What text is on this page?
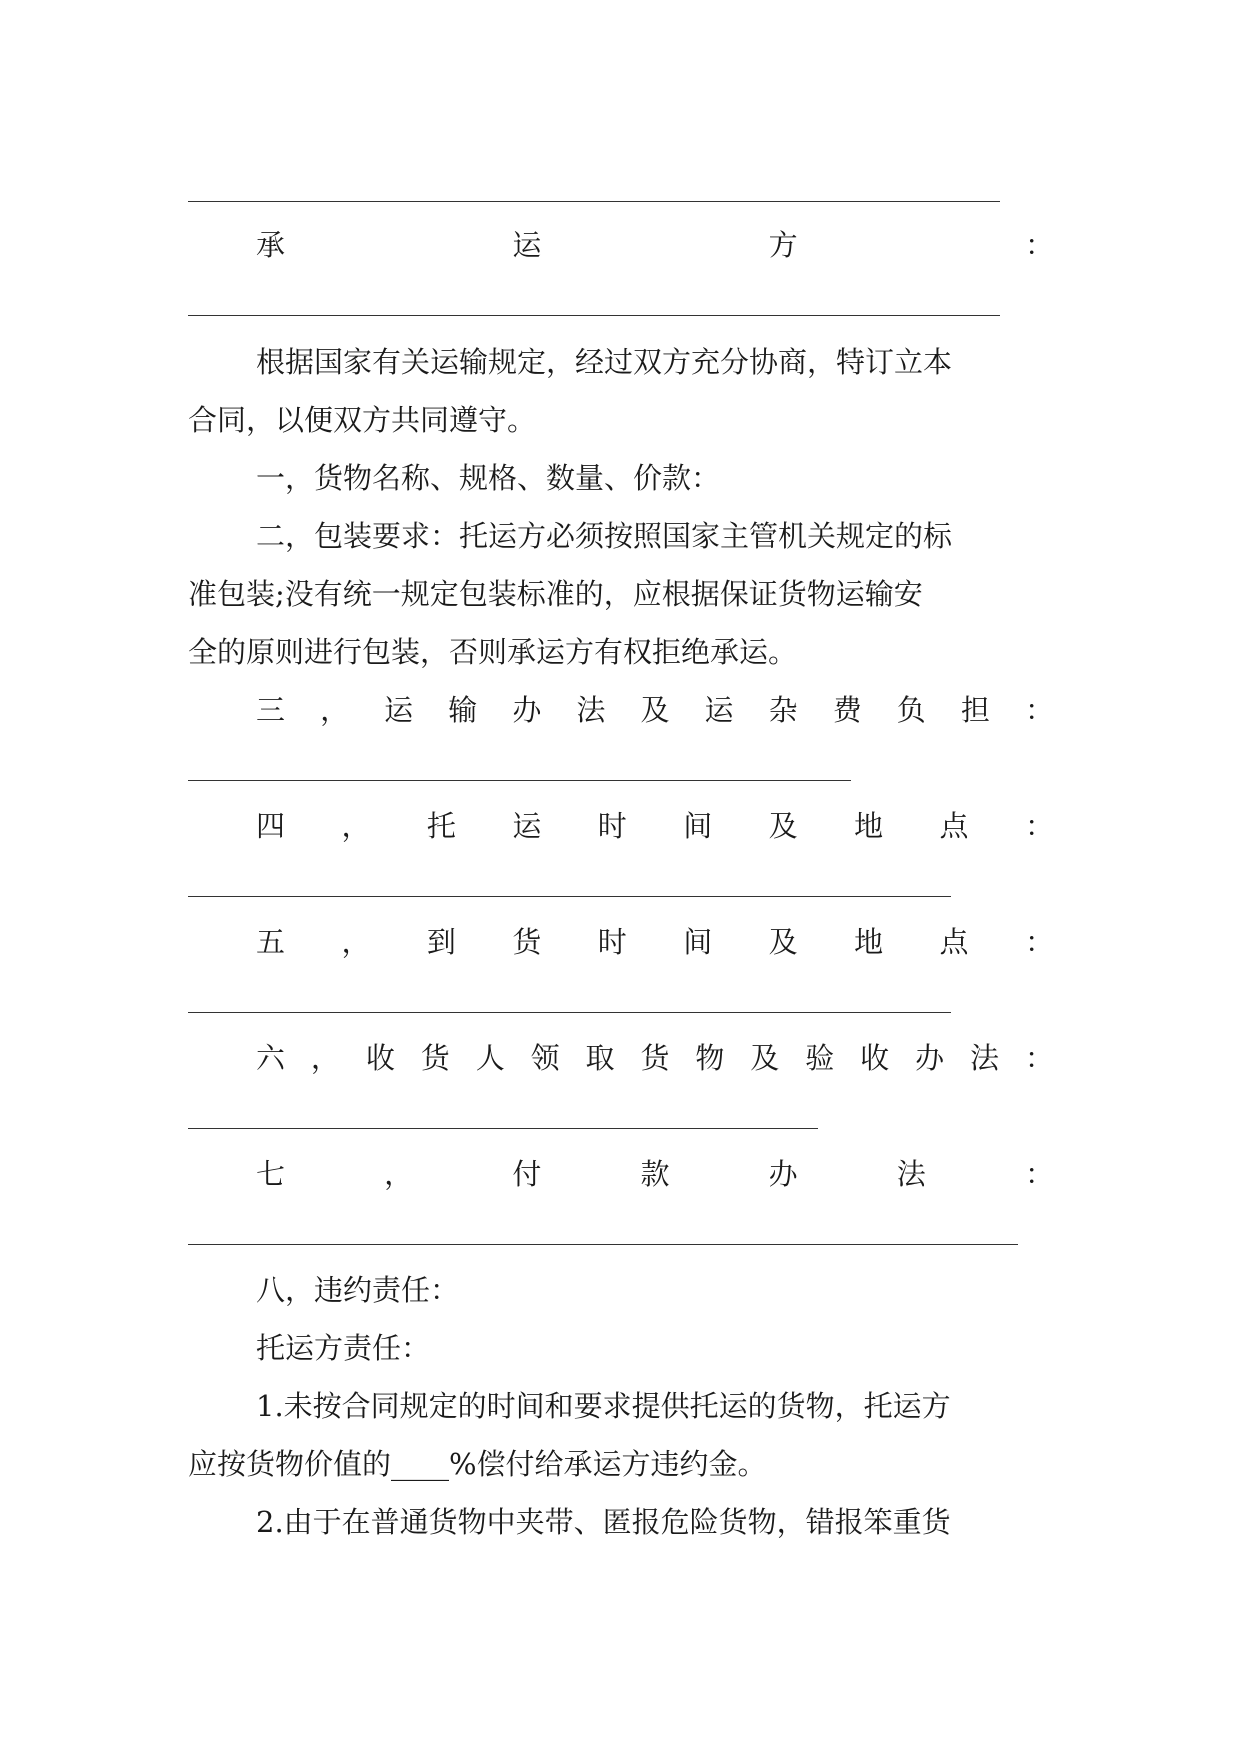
承	运	方	：
根据国家有关运输规定，经过双方充分协商，特订立本
合同，以便双方共同遵守。
一，货物名称、规格、数量、价款：
二，包装要求：托运方必须按照国家主管机关规定的标
准包装;没有统一规定包装标准的，应根据保证货物运输安
全的原则进行包装，否则承运方有权拒绝承运。
三 ， 运 输 办 法 及 运 杂 费 负 担 ：
四 ， 托 运 时 间 及 地 点 ：
五 ， 到 货 时 间 及 地 点 ：
六 ， 收 货 人 领 取 货 物 及 验 收 办 法 ：
七	，	付	款	办	法	：
八，违约责任：
托运方责任：
1.未按合同规定的时间和要求提供托运的货物，托运方
应按货物价值的____%偿付给承运方违约金。
2.由于在普通货物中夹带、匿报危险货物，错报笨重货
